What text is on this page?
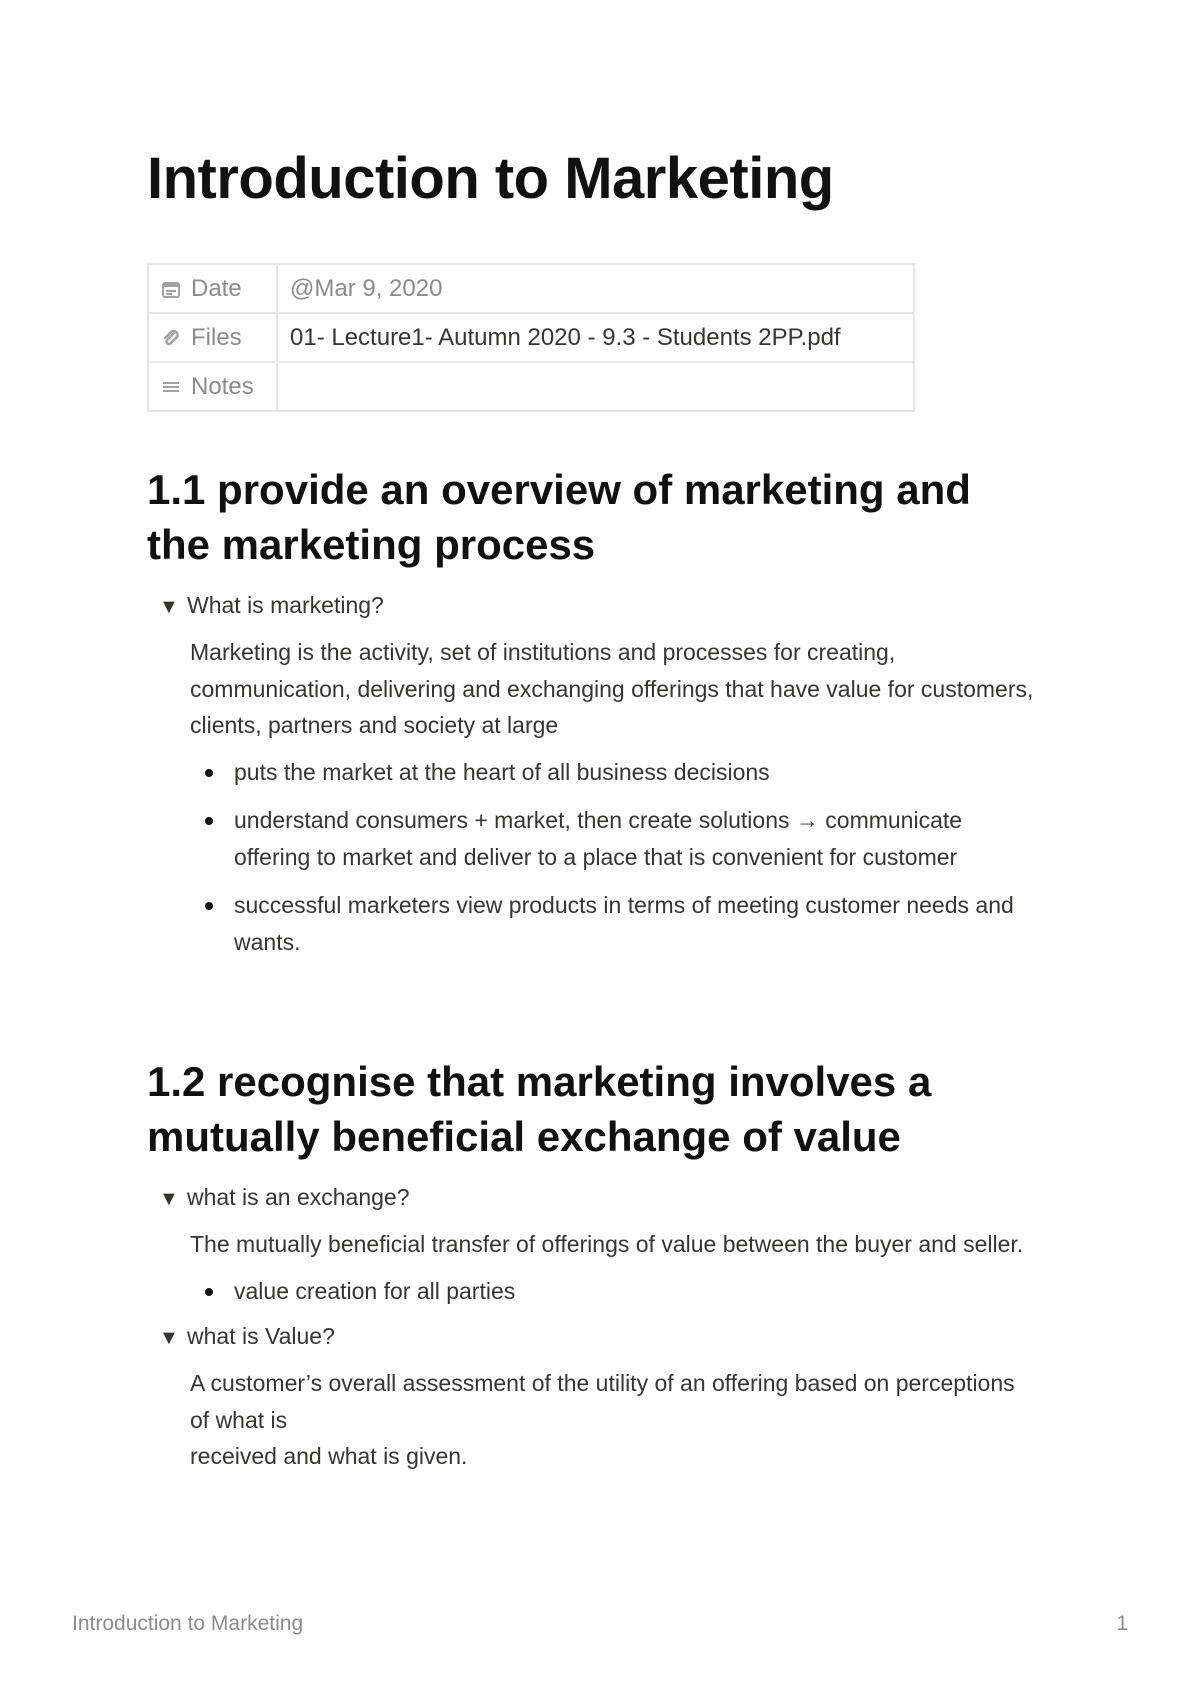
Introduction to Marketing
Date	@Mar 9, 2020
Files	01- Lecture1- Autumn 2020 - 9.3 - Students 2PP.pdf
Notes	
1.1 provide an overview of marketing and
the marketing process
▼ What is marketing?

Marketing is the activity, set of institutions and processes for creating, communication, delivering and exchanging offerings that have value for customers, clients, partners and society at large

puts the market at the heart of all business decisions
understand consumers + market, then create solutions → communicate offering to market and deliver to a place that is convenient for customer
successful marketers view products in terms of meeting customer needs and wants.
1.2 recognise that marketing involves a
mutually beneficial exchange of value
▼ what is an exchange?

The mutually beneficial transfer of offerings of value between the buyer and seller.

value creation for all parties
▼ what is Value?

A customer’s overall assessment of the utility of an offering based on perceptions of what is
received and what is given.

Introduction to Marketing	1
